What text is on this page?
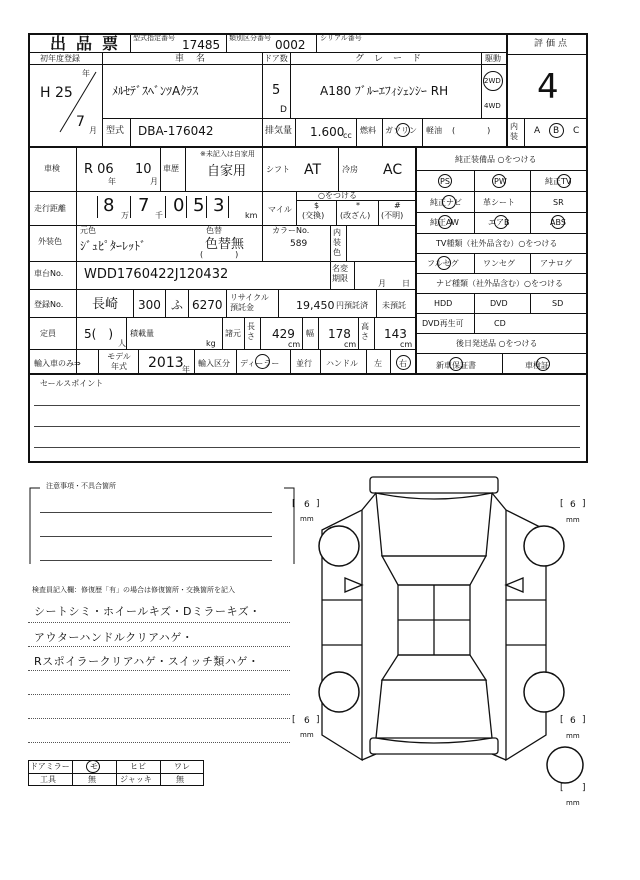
出品票 型式指定番号 17485 類別区分番号 0002 シリアル番号
評価点
4
初年度登録
H 25
年
7
月
車名
ﾒﾙｾﾃﾞｽﾍﾞﾝﾂAｸﾗｽ
ドア数
5
D
グレード
A180 ﾌﾞﾙｰｴﾌｨｼｪﾝｼｰ RH
駆動
2WD
4WD
型式 DBA-176042	排気量 1.600
cc
燃料 ガソリン 軽油 (　　　　) 内装
A B C
車検 R 06
年
10
月
車歴
※未記入は自家用
自家用 シフト AT	冷房 AC
走行距離 8 万 7 千 0 5 3	km
○をつける
マイル	$
(交換)
*
(改ざん)
#
(不明)
外装色
元色
ｼﾞｭﾋﾟﾀｰﾚｯﾄﾞ
色替
色替無
(　　　　)
カラーNo.
589
内装色
車台No. WDD1760422J120432	名変期限
月 日
登録No. 長崎 300 ふ 6270
リサイクル預託金	19,450 円預託済 未預託
定員 5(　)
人
積載量
kg
諸元
長さ 429
cm
幅 178
cm
高さ 143
cm
輸入車のみ⇒
モデル年式	2013
年
輸入区分 ディーラー 並行 ハンドル 左 右
純正装備品 ○をつける
PS	PW	純正TV
純正ナビ	革シート	SR
純正AW	エアB	ABS
TV種類（社外品含む）○をつける
フルセグ	ワンセグ	アナログ
ナビ種類（社外品含む）○をつける
HDD	DVD	SD
DVD再生可	CD
後日発送品 ○をつける
新車保証書	車検証
セールスポイント
注意事項・不具合箇所
検査員記入欄：修復歴「有」の場合は修復箇所・交換箇所を記入
シートシミ・ホイールキズ・Dミラーキズ・
アウターハンドルクリアハゲ・
Rスポイラークリアハゲ・スイッチ類ハゲ・
ドアミラー	モ	ヒビ	ワレ
工具	無	ジャッキ	無
[ 6 ]
mm
[ 6 ]
mm
[ 6 ]
mm
[ 6 ]
mm
[ ]
mm
